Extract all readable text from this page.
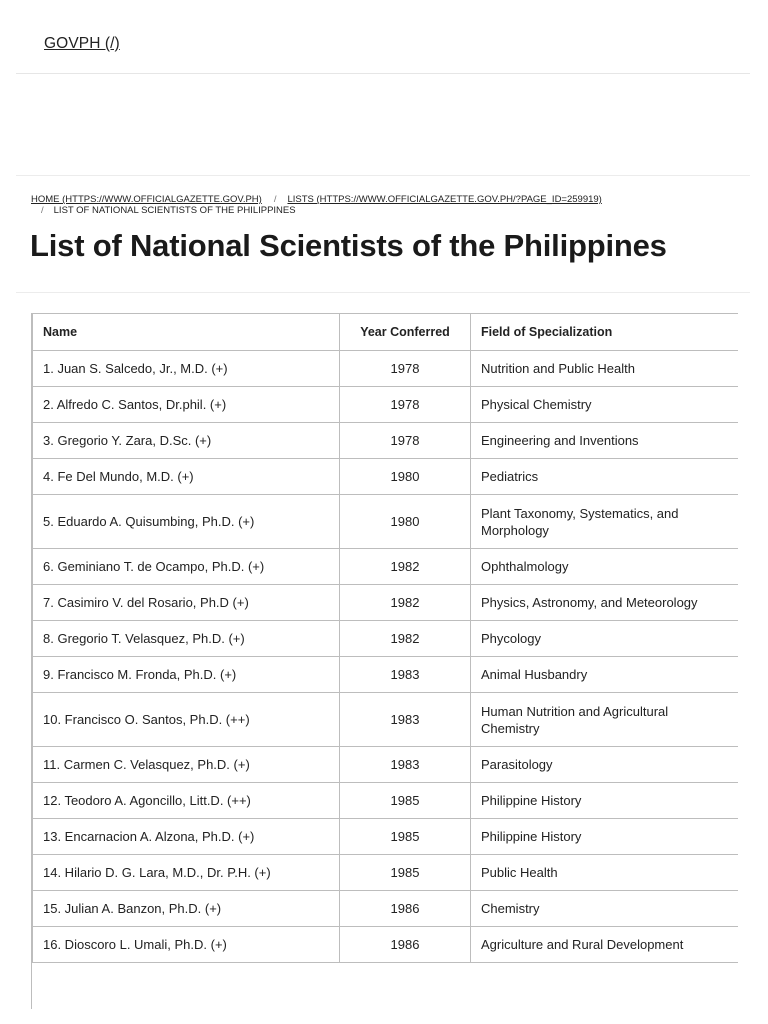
GOVPH (/)
HOME (HTTPS://WWW.OFFICIALGAZETTE.GOV.PH) / LISTS (HTTPS://WWW.OFFICIALGAZETTE.GOV.PH/?PAGE_ID=259919)
/ LIST OF NATIONAL SCIENTISTS OF THE PHILIPPINES
List of National Scientists of the Philippines
Name	Year Conferred	Field of Specialization
1. Juan S. Salcedo, Jr., M.D. (+)	1978	Nutrition and Public Health
2. Alfredo C. Santos, Dr.phil. (+)	1978	Physical Chemistry
3. Gregorio Y. Zara, D.Sc. (+)	1978	Engineering and Inventions
4. Fe Del Mundo, M.D. (+)	1980	Pediatrics
5. Eduardo A. Quisumbing, Ph.D. (+)	1980	Plant Taxonomy, Systematics, and Morphology
6. Geminiano T. de Ocampo, Ph.D. (+)	1982	Ophthalmology
7. Casimiro V. del Rosario, Ph.D (+)	1982	Physics, Astronomy, and Meteorology
8. Gregorio T. Velasquez, Ph.D. (+)	1982	Phycology
9. Francisco M. Fronda, Ph.D. (+)	1983	Animal Husbandry
10. Francisco O. Santos, Ph.D. (++)	1983	Human Nutrition and Agricultural Chemistry
11. Carmen C. Velasquez, Ph.D. (+)	1983	Parasitology
12. Teodoro A. Agoncillo, Litt.D. (++)	1985	Philippine History
13. Encarnacion A. Alzona, Ph.D. (+)	1985	Philippine History
14. Hilario D. G. Lara, M.D., Dr. P.H. (+)	1985	Public Health
15. Julian A. Banzon, Ph.D. (+)	1986	Chemistry
16. Dioscoro L. Umali, Ph.D. (+)	1986	Agriculture and Rural Development
